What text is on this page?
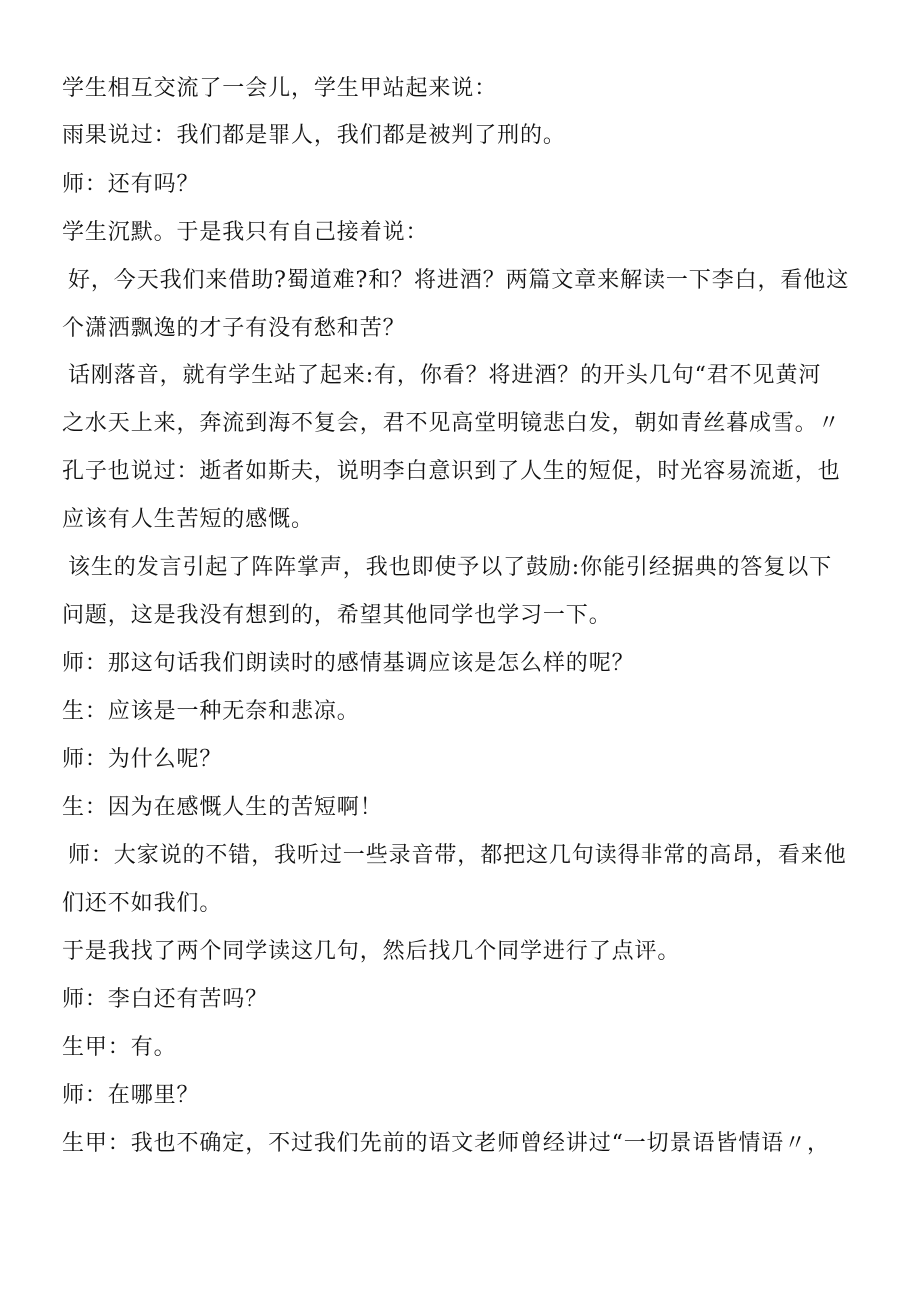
学生相互交流了一会儿，学生甲站起来说：
雨果说过：我们都是罪人，我们都是被判了刑的。
师：还有吗？
学生沉默。于是我只有自己接着说：
好，今天我们来借助?蜀道难?和？将进酒？两篇文章来解读一下李白，看他这
个潇洒飘逸的才子有没有愁和苦？
话刚落音，就有学生站了起来:有，你看？将进酒？的开头几句“君不见黄河
之水天上来，奔流到海不复会，君不见高堂明镜悲白发，朝如青丝暮成雪。〃
孔子也说过：逝者如斯夫，说明李白意识到了人生的短促，时光容易流逝，也
应该有人生苦短的感慨。
该生的发言引起了阵阵掌声，我也即使予以了鼓励:你能引经据典的答复以下
问题，这是我没有想到的，希望其他同学也学习一下。
师：那这句话我们朗读时的感情基调应该是怎么样的呢？
生：应该是一种无奈和悲凉。
师：为什么呢？
生：因为在感慨人生的苦短啊！
师：大家说的不错，我听过一些录音带，都把这几句读得非常的高昂，看来他
们还不如我们。
于是我找了两个同学读这几句，然后找几个同学进行了点评。
师：李白还有苦吗？
生甲：有。
师：在哪里？
生甲：我也不确定，不过我们先前的语文老师曾经讲过“一切景语皆情语〃，
